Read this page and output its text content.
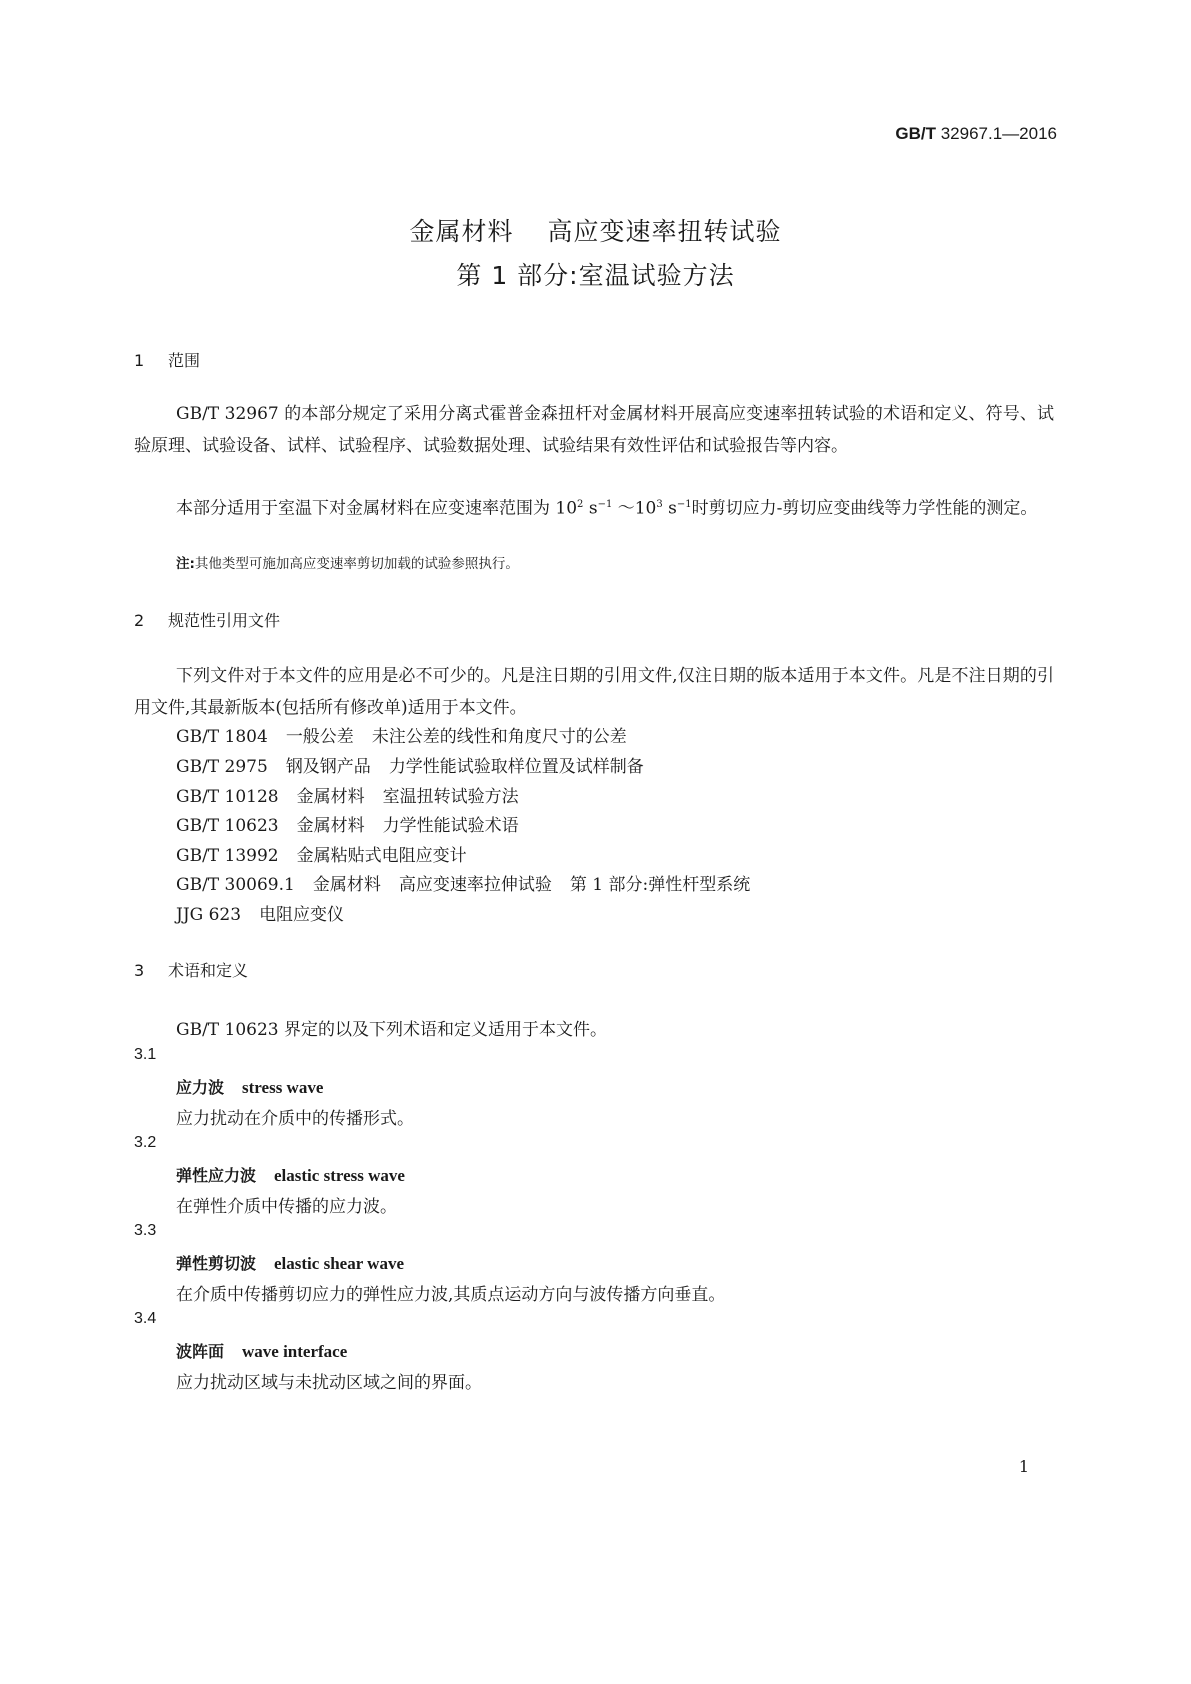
GB/T 32967.1—2016
金属材料 高应变速率扭转试验
第 1 部分:室温试验方法
1 范围
GB/T 32967 的本部分规定了采用分离式霍普金森扭杆对金属材料开展高应变速率扭转试验的术语和定义、符号、试验原理、试验设备、试样、试验程序、试验数据处理、试验结果有效性评估和试验报告等内容。
本部分适用于室温下对金属材料在应变速率范围为 $10^2$ $s^{-1}$ $\sim 10^3$ $s^{-1}$时剪切应力-剪切应变曲线等力学性能的测定。
注:其他类型可施加高应变速率剪切加载的试验参照执行。
2 规范性引用文件
下列文件对于本文件的应用是必不可少的。凡是注日期的引用文件,仅注日期的版本适用于本文件。凡是不注日期的引用文件,其最新版本(包括所有修改单)适用于本文件。
GB/T 1804 一般公差 未注公差的线性和角度尺寸的公差
GB/T 2975 钢及钢产品 力学性能试验取样位置及试样制备
GB/T 10128 金属材料 室温扭转试验方法
GB/T 10623 金属材料 力学性能试验术语
GB/T 13992 金属粘贴式电阻应变计
GB/T 30069.1 金属材料 高应变速率拉伸试验 第 1 部分:弹性杆型系统
JJG 623 电阻应变仪
3 术语和定义
GB/T 10623 界定的以及下列术语和定义适用于本文件。
3.1
应力波 stress wave
应力扰动在介质中的传播形式。
3.2
弹性应力波 elastic stress wave
在弹性介质中传播的应力波。
3.3
弹性剪切波 elastic shear wave
在介质中传播剪切应力的弹性应力波,其质点运动方向与波传播方向垂直。
3.4
波阵面 wave interface
应力扰动区域与未扰动区域之间的界面。
1
